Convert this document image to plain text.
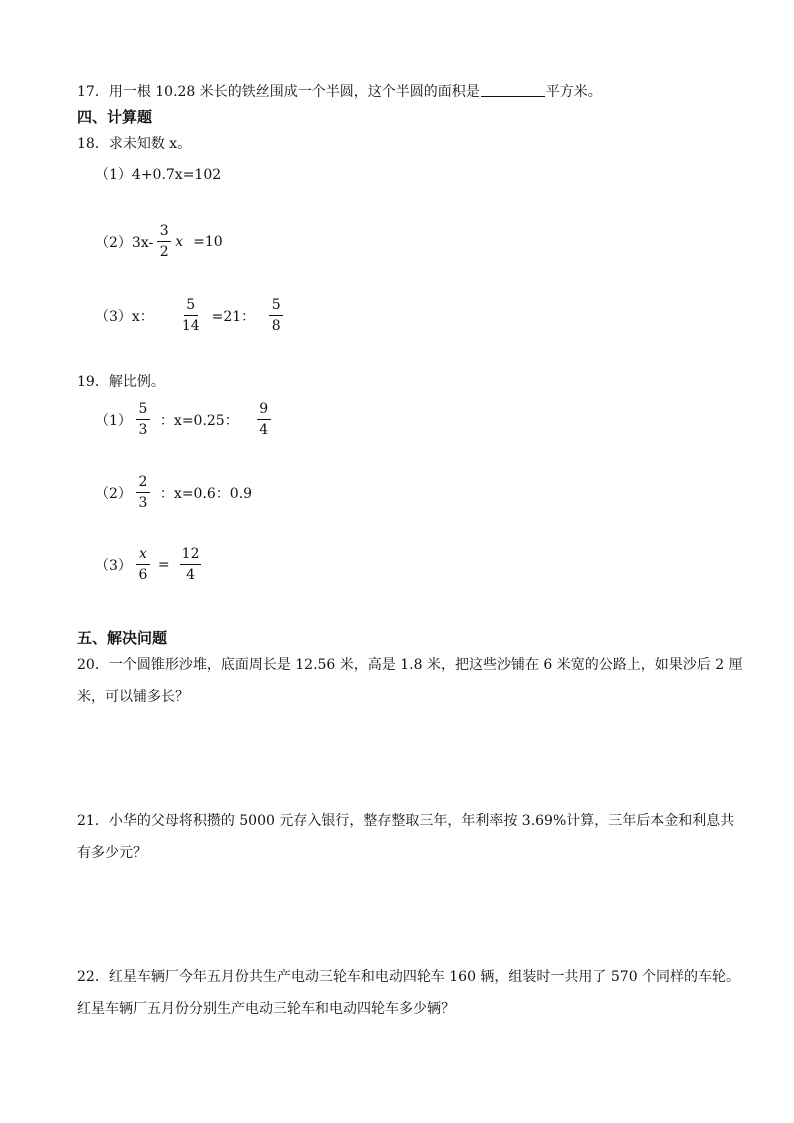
17．用一根 10.28 米长的铁丝围成一个半圆，这个半圆的面积是	平方米。
四、计算题
18．求未知数 x。
（1）4+0.7x=102
$(2)3x- \frac{3}{2}$ x =10
（3）x： $\frac{5}{14} =21$： $\frac{5}{8}$
19．解比例。
$(1) \frac{5}{3}$ ：x=0.25： $\frac{9}{4}$
$(2) \frac{2}{3}$ ：x=0.6：0.9
$(3) \frac{x}{6} = \frac{12}{4}$
五、解决问题
20．一个圆锥形沙堆，底面周长是 12.56 米，高是 1.8 米，把这些沙铺在 6 米宽的公路上，如果沙后 2 厘
米，可以铺多长？
21．小华的父母将积攒的 5000 元存入银行，整存整取三年，年利率按 3.69%计算，三年后本金和利息共
有多少元？
22．红星车辆厂今年五月份共生产电动三轮车和电动四轮车 160 辆，组装时一共用了 570 个同样的车轮。
红星车辆厂五月份分别生产电动三轮车和电动四轮车多少辆？
